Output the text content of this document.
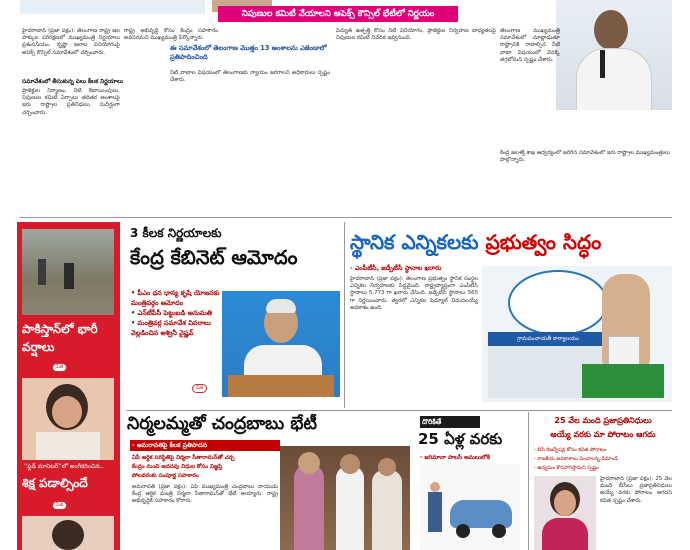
నిపుణుల కమిటీ వేయాలని అపెక్స్ కౌన్సిల్ భేటీలో నిర్ణయం
హైదరాబాద్ (ప్రజా పక్షం): తెలంగాణ రాష్ట్ర జల హక్కుల పరిరక్షణలో ముఖ్యమంత్రి నిర్ణయాలు ప్రశంసనీయం. కృష్ణా జలాల వినియోగంపై అపెక్స్ కౌన్సిల్ సమావేశంలో చర్చించారు.
సమావేశంలో తీసుకున్న పలు కీలక నిర్ణయాలు
ప్రాజెక్టుల నిర్మాణం, నీటి కేటాయింపులు, నిపుణుల కమిటీ ఏర్పాటు తదితర అంశాలపై ఇరు రాష్ట్రాల ప్రతినిధులు సుదీర్ఘంగా చర్చించారు.
రాష్ట్ర అభివృద్ధి కోసం కేంద్రం సహకారం అవసరమని ముఖ్యమంత్రి పేర్కొన్నారు.
ఈ సమావేశంలో తెలంగాణ మొత్తం 13 అంశాలను ఎజెండాలో ప్రతిపాదించింది
నీటి వాటాల విషయంలో తెలంగాణకు న్యాయం జరగాలని అధికారులు స్పష్టం చేశారు.
విద్యుత్ ఉత్పత్తి కోసం నీటి వినియోగం, ప్రాజెక్టుల నిర్వహణ బాధ్యతలపై నిపుణుల కమిటీ నివేదిక ఇవ్వనుంది.
తెలంగాణ ముఖ్యమంత్రి సమావేశంలో మాట్లాడుతూ రాష్ట్రానికి రావాల్సిన నీటి వాటా విషయంలో వెనక్కి తగ్గబోమని స్పష్టం చేశారు.
కేంద్ర జలశక్తి శాఖ ఆధ్వర్యంలో జరిగిన సమావేశంలో ఇరు రాష్ట్రాల ముఖ్యమంత్రులు పాల్గొన్నారు.
పాకిస్తాన్‌లో భారీ వర్షాలు
పేజీ
''ఫ్లడ్ మానిటర్''లో అంగీకరించిన..
శిక్ష పడాల్సిందే
పేజీ
3 కీలక నిర్ణయాలకు
కేంద్ర కేబినెట్ ఆమోదం
• పీఎం ధన ధాన్య కృషి యోజనకు మంత్రివర్గం ఆమోదం
• ఎన్‌టీపీసీ పెట్టుబడి అనుమతి
• మంత్రివర్గ సమావేశ వివరాలు వెల్లడించిన అశ్వినీ వైష్ణవ్
పేజీ
స్థానిక ఎన్నికలకు ప్రభుత్వం సిద్ధం
- ఎంపీటీసీ, జడ్పీటీసీ స్థానాల ఖరారు
హైదరాబాద్ (ప్రజా పక్షం): తెలంగాణ ప్రభుత్వం స్థానిక సంస్థల ఎన్నికల నిర్వహణకు సిద్ధమైంది. రాష్ట్రవ్యాప్తంగా ఎంపీటీసీ స్థానాలు 5,773 గా ఖరారు చేసింది. జడ్పీటీసీ స్థానాలు 565 గా నిర్ణయించారు. త్వరలో ఎన్నికల షెడ్యూల్ విడుదలయ్యే అవకాశం ఉంది.
గ్రామపంచాయతీ కార్యాలయం
నిర్మలమ్మతో చంద్రబాబు భేటీ
- అమరావతిపై కీలక ప్రతిపాదన
ఏపీ ఆర్థిక పరిస్థితిపై నిర్మలా సీతారామన్‌తో చర్చ
కేంద్రం నుంచి అదనపు నిధుల కోసం విజ్ఞప్తి
పోలవరంకు సంపూర్ణ సహకారం
అమరావతి (ప్రజా పక్షం): ఏపీ ముఖ్యమంత్రి చంద్రబాబు నాయుడు కేంద్ర ఆర్థిక మంత్రి నిర్మలా సీతారామన్‌తో భేటీ అయ్యారు. రాష్ట్ర అభివృద్ధికి సహకారం కోరారు.
దొరికితే
25 ఏళ్ల వరకు
- జరిమానా పాలసీ అమలులోకి
25 వేల మంది ప్రజాప్రతినిధులు
అయ్యే వరకు మా పోరాటం ఆగదు
- బీసీ రిజర్వేషన్ల కోసం కవిత పోరాటం
- రాజకీయ అవకాశాలు పెంచాలన్న డిమాండ్
- ఉద్యమం కొనసాగిస్తామని స్పష్టం
హైదరాబాద్ (ప్రజా పక్షం): 25 వేల మంది బీసీలు ప్రజాప్రతినిధులు అయ్యే వరకు పోరాటం ఆగదని కవిత స్పష్టం చేశారు.
